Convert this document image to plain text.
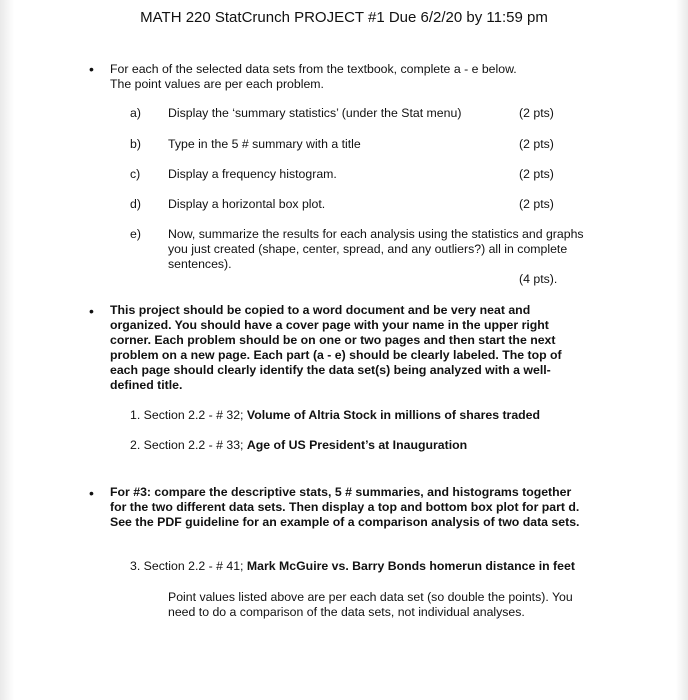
MATH 220 StatCrunch PROJECT #1 Due 6/2/20 by 11:59 pm
• For each of the selected data sets from the textbook, complete a - e below.
The point values are per each problem.
a) Display the ‘summary statistics’ (under the Stat menu)	(2 pts)
b) Type in the 5 # summary with a title	(2 pts)
c) Display a frequency histogram.	(2 pts)
d) Display a horizontal box plot.	(2 pts)
e) Now, summarize the results for each analysis using the statistics and graphs
you just created (shape, center, spread, and any outliers?) all in complete
sentences).
(4 pts).
• This project should be copied to a word document and be very neat and
organized. You should have a cover page with your name in the upper right
corner. Each problem should be on one or two pages and then start the next
problem on a new page. Each part (a - e) should be clearly labeled. The top of
each page should clearly identify the data set(s) being analyzed with a well-
defined title.
1. Section 2.2 - # 32; Volume of Altria Stock in millions of shares traded
2. Section 2.2 - # 33; Age of US President’s at Inauguration
• For #3: compare the descriptive stats, 5 # summaries, and histograms together
for the two different data sets. Then display a top and bottom box plot for part d.
See the PDF guideline for an example of a comparison analysis of two data sets.
3. Section 2.2 - # 41; Mark McGuire vs. Barry Bonds homerun distance in feet
Point values listed above are per each data set (so double the points). You
need to do a comparison of the data sets, not individual analyses.
